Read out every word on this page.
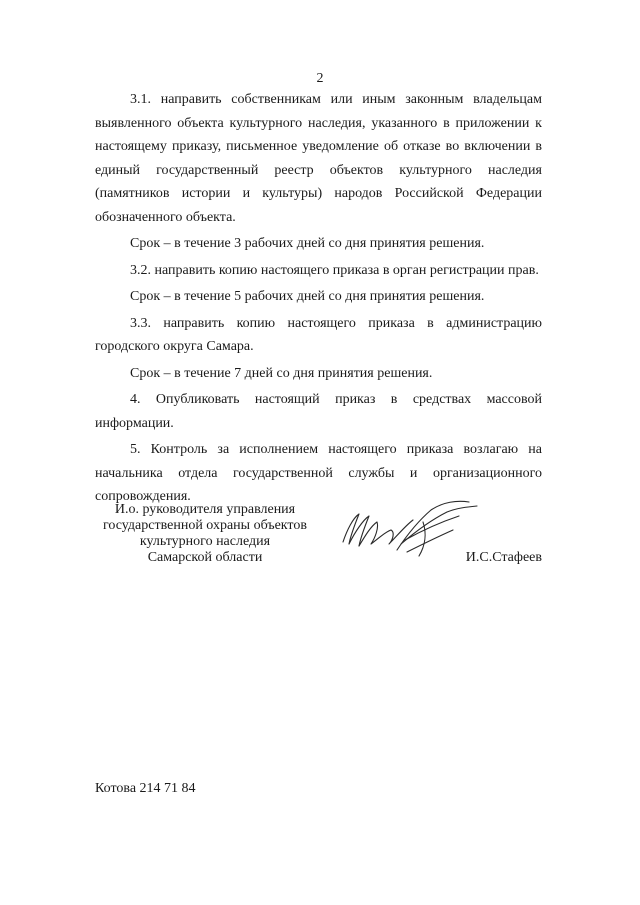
2

3.1. направить собственникам или иным законным владельцам выявленного объекта культурного наследия, указанного в приложении к настоящему приказу, письменное уведомление об отказе во включении в единый государственный реестр объектов культурного наследия (памятников истории и культуры) народов Российской Федерации обозначенного объекта.

Срок – в течение 3 рабочих дней со дня принятия решения.

3.2. направить копию настоящего приказа в орган регистрации прав.

Срок – в течение 5 рабочих дней со дня принятия решения.

3.3. направить копию настоящего приказа в администрацию городского округа Самара.

Срок – в течение 7 дней со дня принятия решения.

4. Опубликовать настоящий приказ в средствах массовой информации.

5. Контроль за исполнением настоящего приказа возлагаю на начальника отдела государственной службы и организационного сопровождения.

И.о. руководителя управления
государственной охраны объектов
культурного наследия
Самарской области	И.С.Стафеев
Котова 214 71 84
